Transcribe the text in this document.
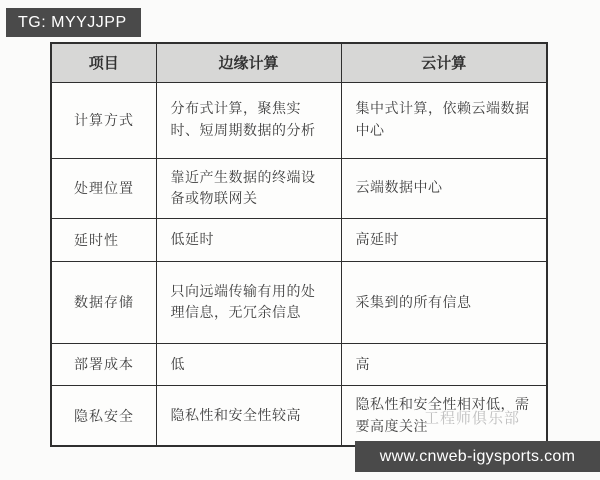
TG: MYYJJPP
项目	边缘计算	云计算
计算方式	分布式计算，聚焦实时、短周期数据的分析	集中式计算，依赖云端数据中心
处理位置	靠近产生数据的终端设备或物联网关	云端数据中心
延时性	低延时	高延时
数据存储	只向远端传输有用的处理信息，无冗余信息	采集到的所有信息
部署成本	低	高
隐私安全	隐私性和安全性较高	隐私性和安全性相对低，需要高度关注
工程师俱乐部
www.cnweb-igysports.com
